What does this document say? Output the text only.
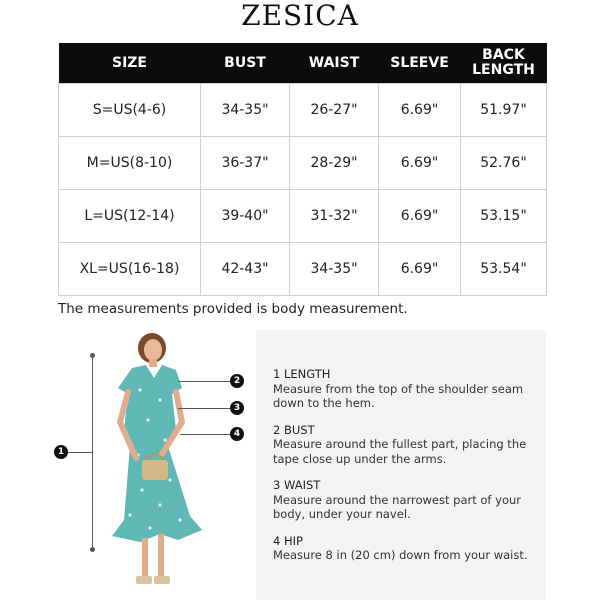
ZESICA
SIZE	BUST	WAIST	SLEEVE	BACK
LENGTH
S=US(4-6)	34-35"	26-27"	6.69"	51.97"
M=US(8-10)	36-37"	28-29"	6.69"	52.76"
L=US(12-14)	39-40"	31-32"	6.69"	53.15"
XL=US(16-18)	42-43"	34-35"	6.69"	53.54"
The measurements provided is body measurement.
1
2
3
4
1 LENGTH
Measure from the top of the shoulder seam down to the hem.
2 BUST
Measure around the fullest part, placing the tape close up under the arms.
3 WAIST
Measure around the narrowest part of your body, under your navel.
4 HIP
Measure 8 in (20 cm) down from your waist.
